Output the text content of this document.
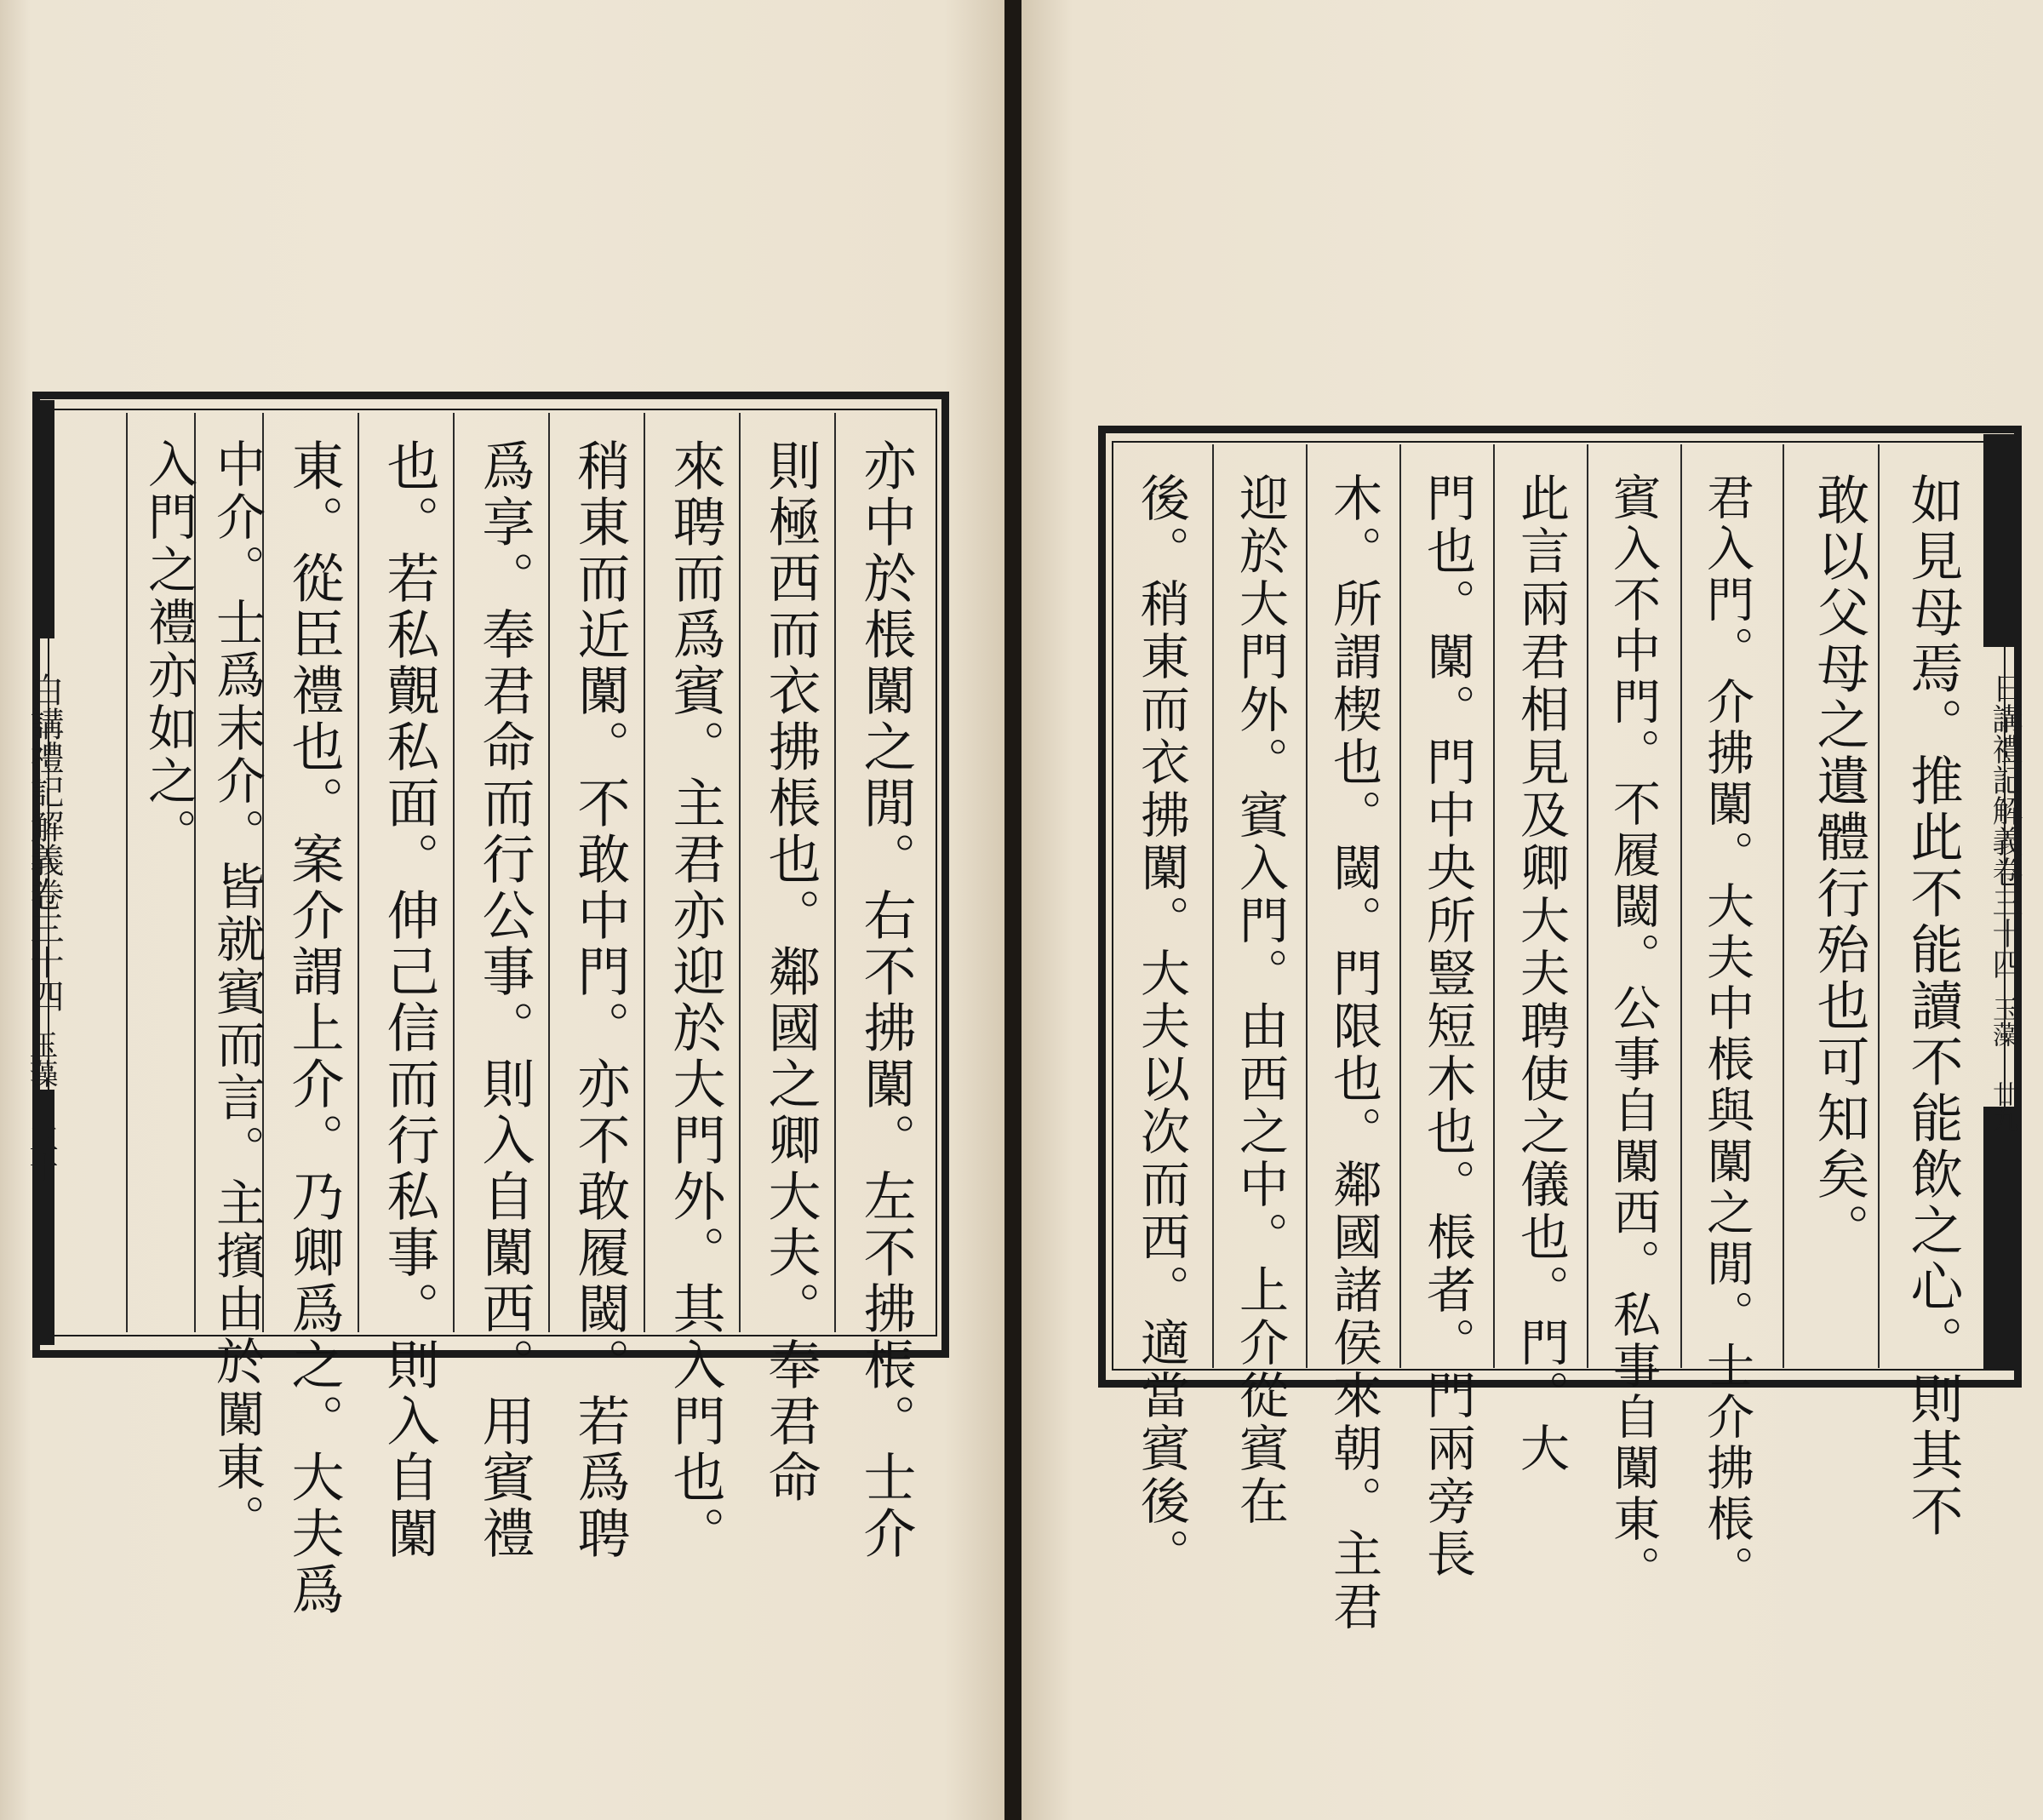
白講禮記解義卷三十四
玉藻
三十	亦中於棖闑之閒。右不拂闑。左不拂棖。士介
則極西而衣拂棖也。鄰國之卿大夫。奉君命
來聘而爲賓。主君亦迎於大門外。其入門也。
稍東而近闑。不敢中門。亦不敢履閾。若爲聘
爲享。奉君命而行公事。則入自闑西。用賓禮
也。若私覿私面。伸己信而行私事。則入自闑
東。從臣禮也。案介謂上介。乃卿爲之。大夫爲
中介。士爲末介。皆就賓而言。主擯由於闑東。
入門之禮亦如之。	日講禮記解義卷三十四
玉藻
廿九
如見母焉。推此不能讀不能飲之心。則其不
敢以父母之遺體行殆也可知矣。
君入門。介拂闑。大夫中棖與闑之閒。士介拂棖。
賓入不中門。不履閾。公事自闑西。私事自闑東。
此言兩君相見及卿大夫聘使之儀也。門。大
門也。闑。門中央所豎短木也。棖者。門兩旁長
木。所謂楔也。閾。門限也。鄰國諸侯來朝。主君
迎於大門外。賓入門。由西之中。上介從賓在
後。稍東而衣拂闑。大夫以次而西。適當賓後。
